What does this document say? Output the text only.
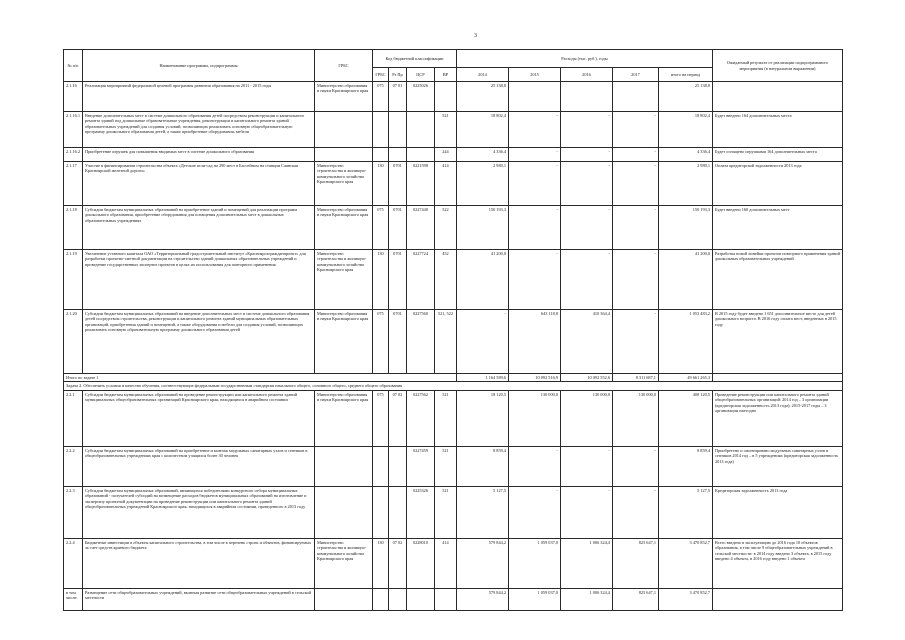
3
№ п/п	Наименование программы, подпрограммы	ГРБС	Код бюджетной классификации				Расходы (тыс. руб.), годы					Ожидаемый результат от реализации подпрограммного мероприятия (в натуральном выражении)
			ГРБС	Рз Пр	ЦСР	ВР	2014	2015	2016	2017	итого на период	
2.1.16	Реализация мероприятий федеральной целевой программы развития образования на 2011 - 2015 годы	Министерство образования и науки Красноярского края	075	07 01	0225026		25 138,8				25 138,8	
2.1.16.1	Введение дополнительных мест в системе дошкольного образования детей посредством реконструкции и капитального ремонта зданий под дошкольные образовательные учреждения, реконструкции и капитального ремонта зданий образовательных учреждений для создания условий, позволяющих реализовать основную общеобразовательную программу дошкольного образования детей, а также приобретение оборудования, мебели					521	18 802,4	-	-	-	18 802,4	Будет введено 164 дополнительных места
2.1.16.2	Приобретение игрушек для повышения вводимых мест в системе дошкольного образования					244	4 336,4	-	-	-	4 336,4	Будет оснащено игрушками 164 дополнительных места
2.1.17	Участие в финансировании строительства объекта «Детские ясли-сад на 290 мест в Бассейном на станции Саянская Красноярской железной дороги»	Министерство строительства и жилищно-коммунального хозяйства Красноярского края	130	0701	0221598	414	2 980,1	-	-	-	2 980,1	Оплата кредиторской задолженности 2013 года
2.1.18	Субсидии бюджетам муниципальных образований на приобретение зданий и помещений для реализации программ дошкольного образования, приобретение оборудования для оснащения дополнительных мест в дошкольных образовательных учреждениях	Министерство образования и науки Красноярского края	075	0701	0227440	522	150 193,3	-	-	-	150 193,3	Будет введено 160 дополнительных мест
2.1.19	Увеличение уставного капитала ОАО «Территориальный градостроительный институт «Красноярскгражданпроект» для разработки проектно-сметной документации на строительство зданий дошкольных образовательных учреждений и проведение государственных экспертиз проектов в целях их использования для повторного применения	Министерство строительства и жилищно-коммунального хозяйства Красноярского края	130	0701	0227724	452	41 200,0	-	-	-	41 200,0	Разработка новой линейки проектов повторного применения зданий дошкольных образовательных учреждений
2.1.20	Субсидии бюджетам муниципальных образований на введение дополнительных мест в системе дошкольного образования детей посредством строительства, реконструкции и капитального ремонта зданий муниципальных образовательных организаций, приобретения зданий и помещений, а также оборудования и мебели для создания условий, позволяющих реализовать основную образовательную программу дошкольного образования детей	Министерство образования и науки Красноярского края	075	0701	0227560	521, 522	-	643 118,8	410 364,4	-	1 053 483,2	В 2015 году будет введено 1 651 дополнительное место для детей дошкольного возраста. В 2016 году оплата мест, введенных в 2015 году
Итого по задаче 1							1 164 589,6	10 092 516,9	10 092 552,6	8 311 687,1	49 661 265,3	
Задача 2. Обеспечить условия и качество обучения, соответствующие федеральным государственным стандартам начального общего, основного общего, среднего общего образования												
2.2.1	Субсидии бюджетам муниципальных образований на проведение реконструкции или капитального ремонта зданий муниципальных общеобразовательных организаций Красноярского края, находящихся в аварийном состоянии	Министерство образования и науки Красноярского края	075	07 02	0227562	521	18 120,5	130 000,0	130 000,0	130 000,0	408 120,5	Проведение реконструкции или капитального ремонта зданий общеобразовательных организаций: 2014 год – 3 организации (кредиторская задолженность 2013 года); 2015-2017 годы – 3 организации ежегодно
2.2.2	Субсидии бюджетам муниципальных образований на приобретение и монтаж модульных санитарных узлов и септиков в общеобразовательных учреждениях края с количеством учащихся более 30 человек				0227459	521	8 859,4	-	-	-	8 859,4	Приобретено и смонтировано модульных санитарных узлов и септиков 2014 год – в 5 учреждениях (кредиторская задолженность 2013 года)
2.2.3	Субсидии бюджетам муниципальных образований, являющихся победителями конкурсного отбора муниципальных образований - получателей субсидий на возмещение расходов бюджетов муниципальных образований на изготовление и экспертизу проектной документации на проведение реконструкции или капитального ремонта зданий общеобразовательных учреждений Красноярского края, находящихся в аварийном состоянии, проведенного в 2013 году				0225326	521	5 127,5	-	-	-	5 127,5	Кредиторская задолженность 2013 года
2.2.4	Бюджетные инвестиции в объекты капитального строительства, в том числе в перечень строек и объектов, финансируемых за счет средств краевого бюджета	Министерство строительства и жилищно-коммунального хозяйства Красноярского края	130	07 02	0228010	414	579 844,2	1 059 037,0	1 006 324,4	825 647,1	3 470 852,7	Всего введено в эксплуатацию до 2016 года 10 объектов образования, в том числе 9 общеобразовательных учреждений в сельской местности: в 2014 году введено 3 объекта, в 2015 году введено 4 объекта, в 2016 году введено 1 объекта
в том числе:	Размещение сети общеобразовательных учреждений, включая развитие сети общеобразовательных учреждений в сельской местности						579 844,2	1 059 037,0	1 006 324,4	825 647,1	3 470 852,7	
